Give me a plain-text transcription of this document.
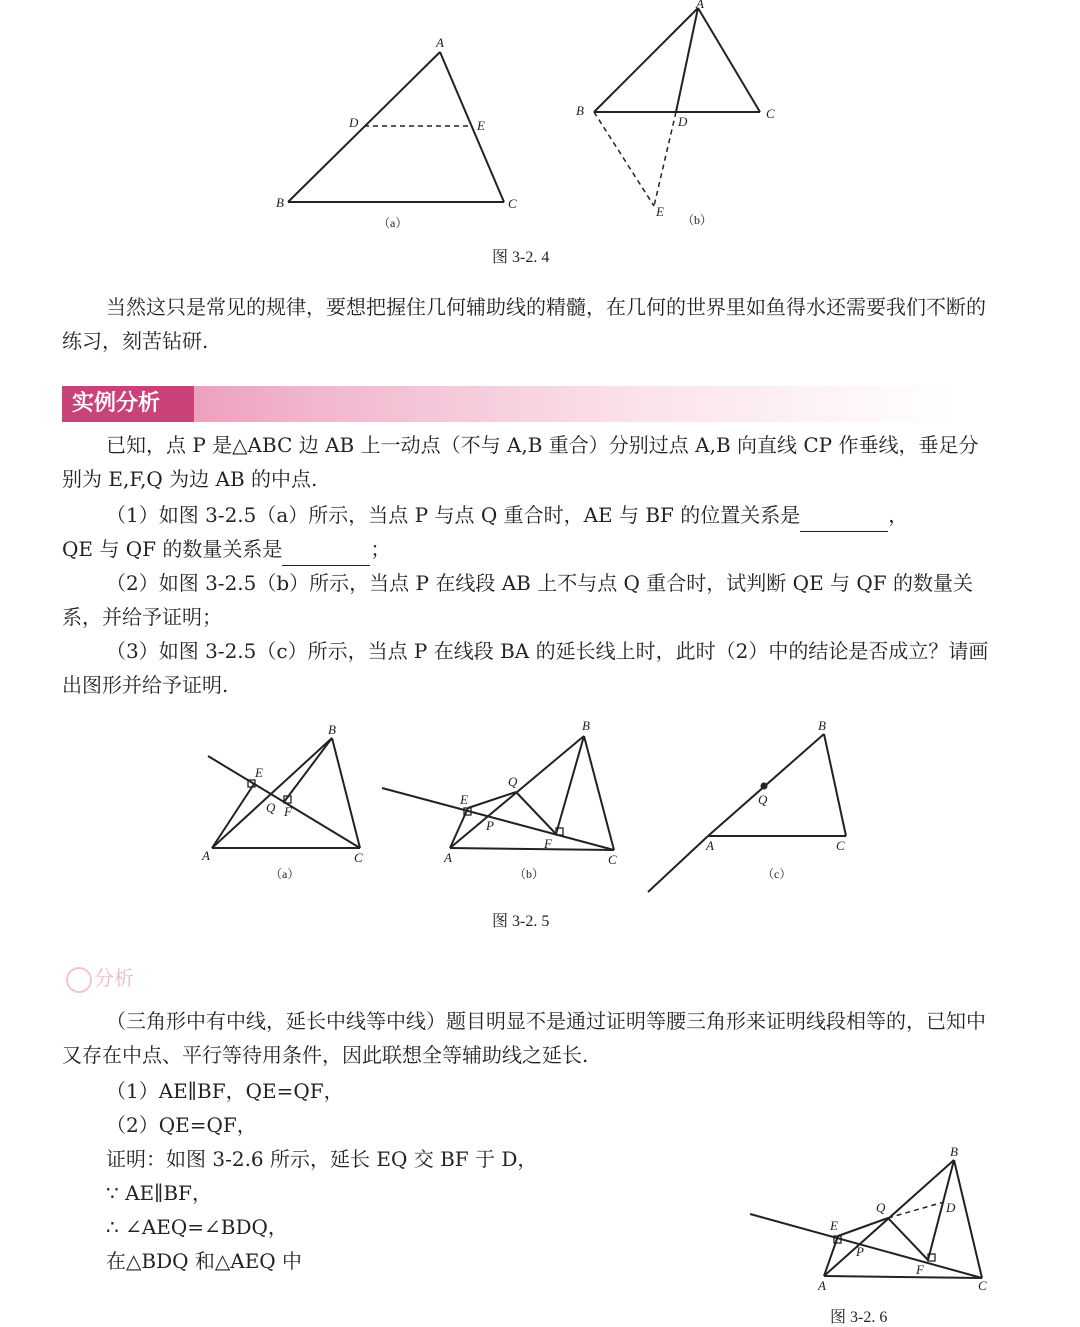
A
B	C
D	E
（a）
A
B	C
D
E
（b）
图 3-2. 4
当然这只是常见的规律，要想把握住几何辅助线的精髓，在几何的世界里如鱼得水还需要我们不断的练习，刻苦钻研.
实例分析
已知，点 P 是△ABC 边 AB 上一动点（不与 A,B 重合）分别过点 A,B 向直线 CP 作垂线，垂足分别为 E,F,Q 为边 AB 的中点.
（1）如图 3-2.5（a）所示，当点 P 与点 Q 重合时，AE 与 BF 的位置关系是	，
QE 与 QF 的数量关系是	；
（2）如图 3-2.5（b）所示，当点 P 在线段 AB 上不与点 Q 重合时，试判断 QE 与 QF 的数量关系，并给予证明；
（3）如图 3-2.5（c）所示，当点 P 在线段 BA 的延长线上时，此时（2）中的结论是否成立？请画出图形并给予证明.
A
B
C
E
F
Q
（a）
A
B
C
E
F
P
Q
（b）
A
B
C
Q
（c）
图 3-2. 5
分析
（三角形中有中线，延长中线等中线）题目明显不是通过证明等腰三角形来证明线段相等的，已知中又存在中点、平行等待用条件，因此联想全等辅助线之延长.
（1）AE∥BF，QE=QF，
（2）QE=QF，
证明：如图 3-2.6 所示，延长 EQ 交 BF 于 D，
∵ AE∥BF，
∴ ∠AEQ=∠BDQ，
在△BDQ 和△AEQ 中
A
B
C
D
E
F
P
Q
图 3-2. 6
